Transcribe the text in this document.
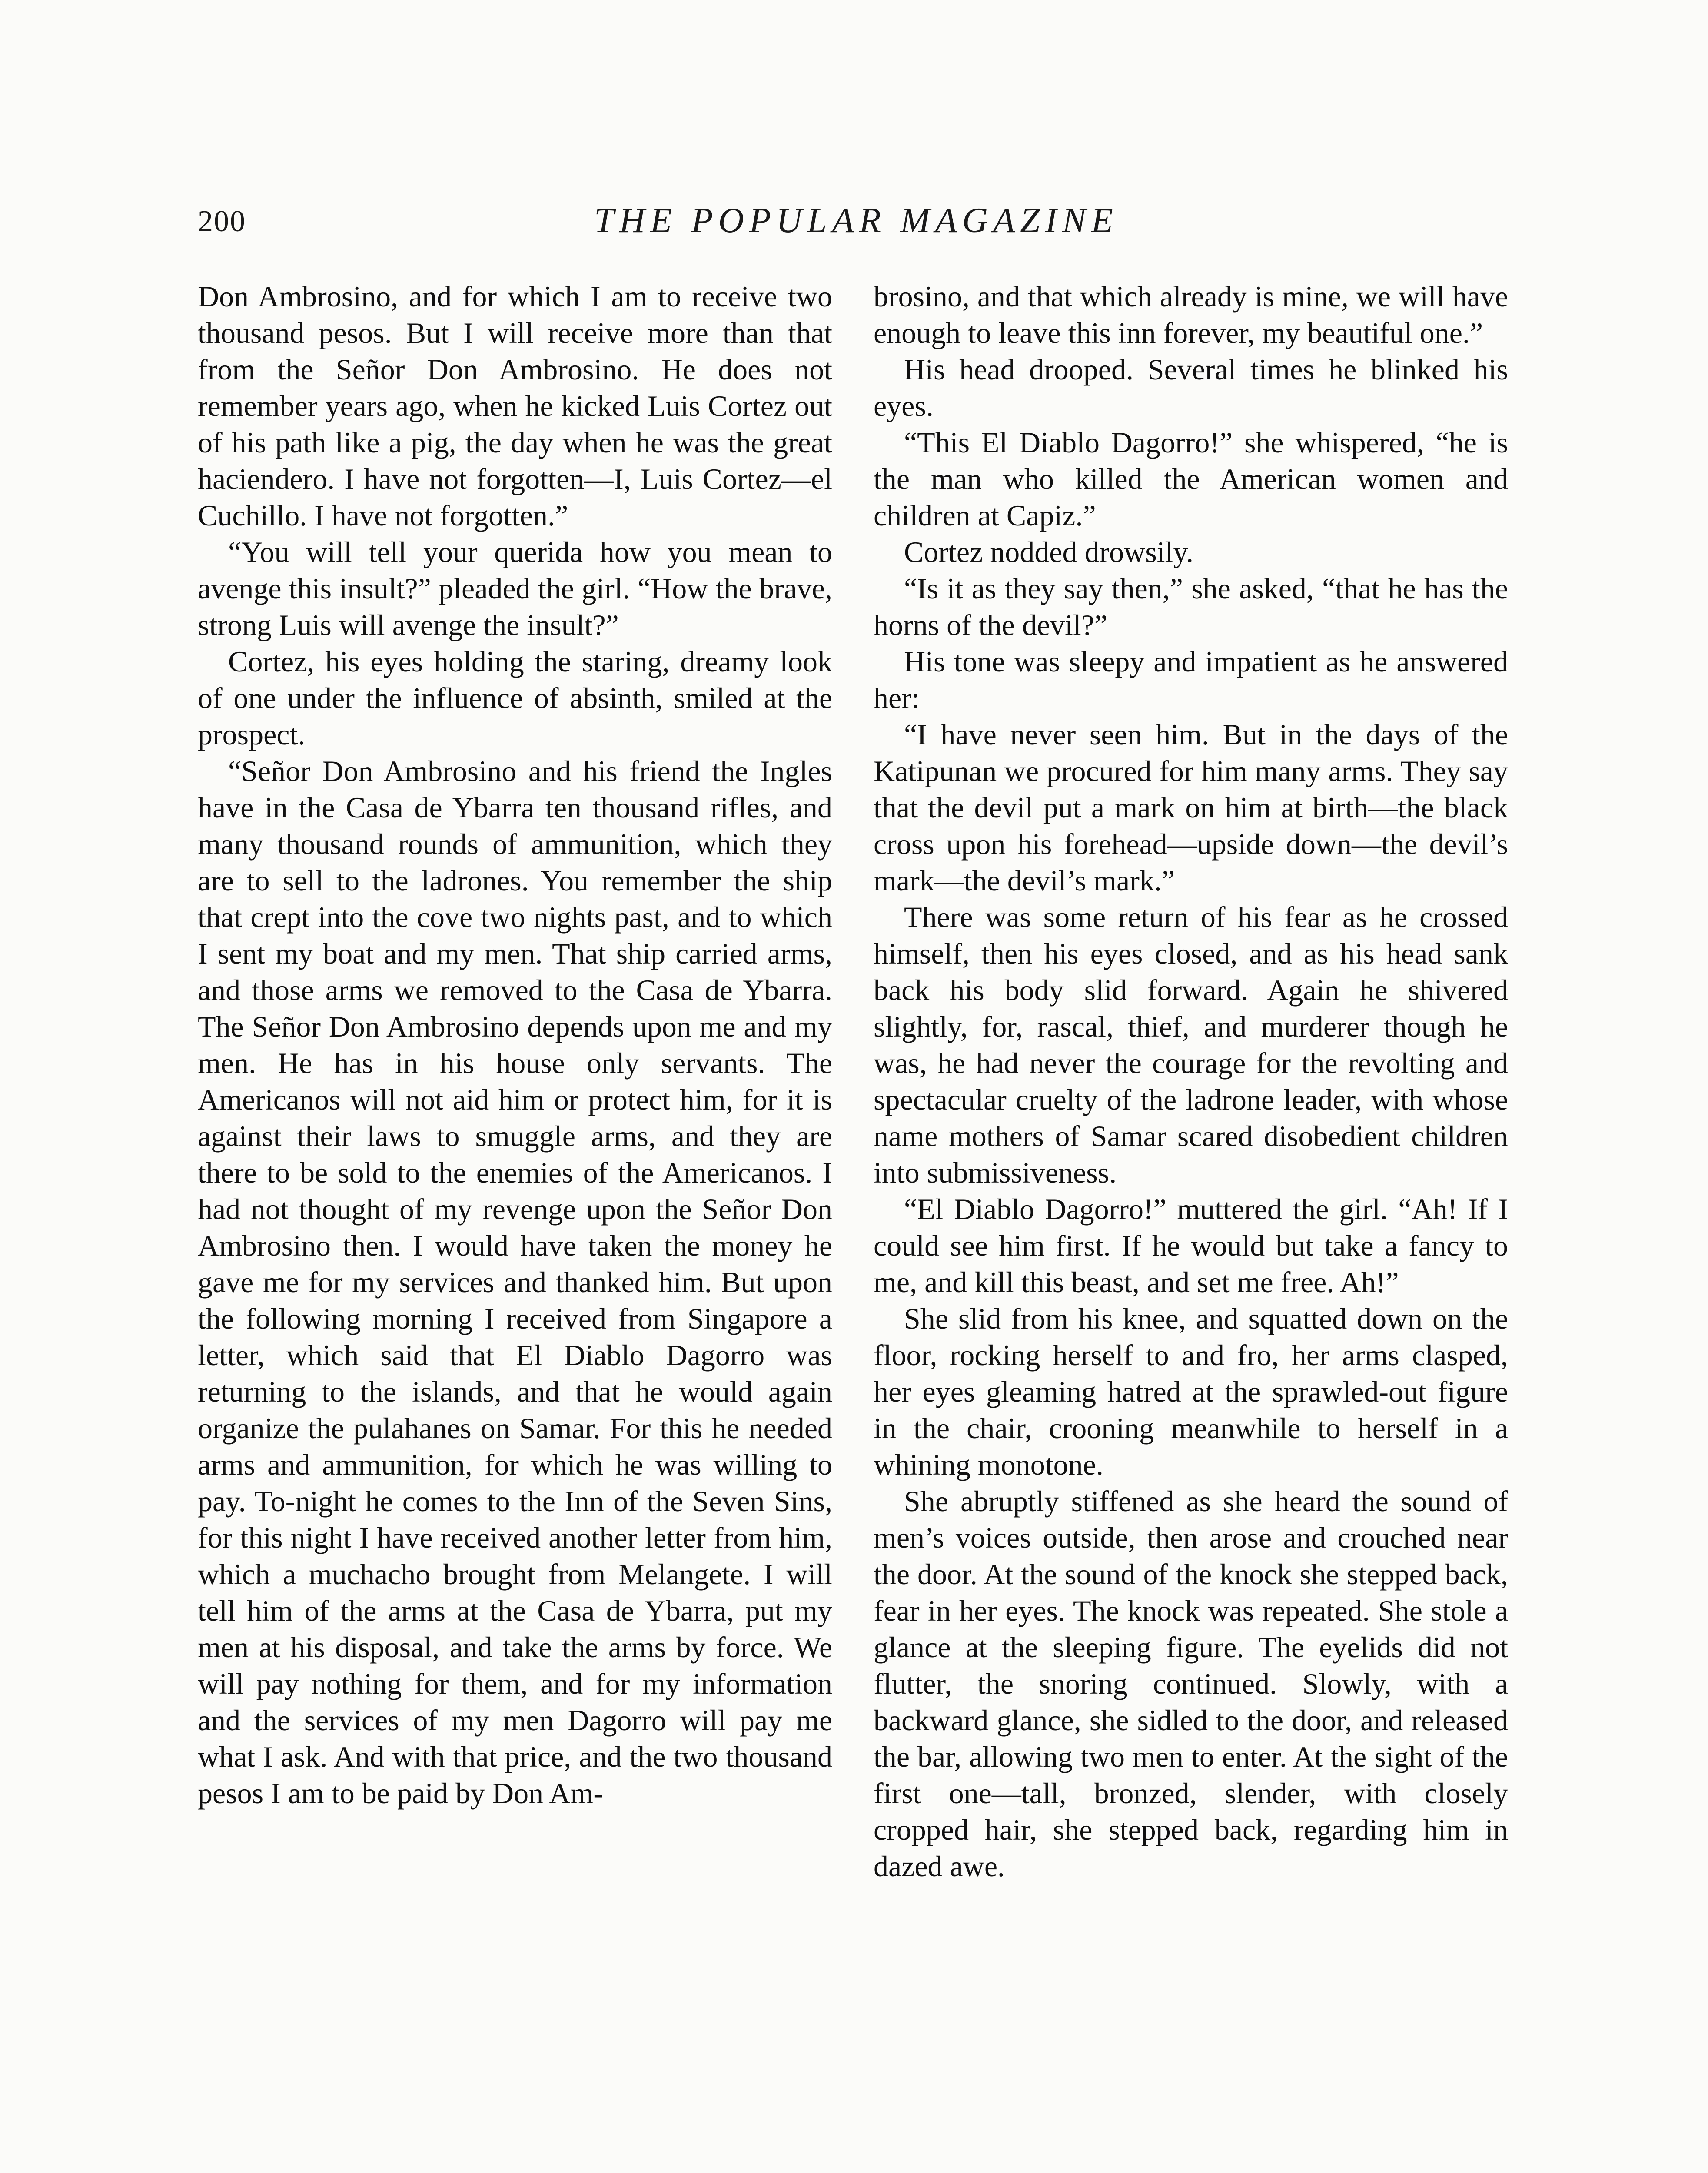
200	THE POPULAR MAGAZINE

Don Ambrosino, and for which I am to receive two thousand pesos. But I will receive more than that from the Señor Don Ambrosino. He does not remember years ago, when he kicked Luis Cortez out of his path like a pig, the day when he was the great haciendero. I have not forgotten—I, Luis Cortez—el Cuchillo. I have not forgotten.”

“You will tell your querida how you mean to avenge this insult?” pleaded the girl. “How the brave, strong Luis will avenge the insult?”

Cortez, his eyes holding the staring, dreamy look of one under the influence of absinth, smiled at the prospect.

“Señor Don Ambrosino and his friend the Ingles have in the Casa de Ybarra ten thousand rifles, and many thousand rounds of ammunition, which they are to sell to the ladrones. You remember the ship that crept into the cove two nights past, and to which I sent my boat and my men. That ship carried arms, and those arms we removed to the Casa de Ybarra. The Señor Don Ambrosino depends upon me and my men. He has in his house only servants. The Americanos will not aid him or protect him, for it is against their laws to smuggle arms, and they are there to be sold to the enemies of the Americanos. I had not thought of my revenge upon the Señor Don Ambrosino then. I would have taken the money he gave me for my services and thanked him. But upon the following morning I received from Singapore a letter, which said that El Diablo Dagorro was returning to the islands, and that he would again organize the pulahanes on Samar. For this he needed arms and ammunition, for which he was willing to pay. To-night he comes to the Inn of the Seven Sins, for this night I have received another letter from him, which a muchacho brought from Melangete. I will tell him of the arms at the Casa de Ybarra, put my men at his disposal, and take the arms by force. We will pay nothing for them, and for my information and the services of my men Dagorro will pay me what I ask. And with that price, and the two thousand pesos I am to be paid by Don Am-

brosino, and that which already is mine, we will have enough to leave this inn forever, my beautiful one.”

His head drooped. Several times he blinked his eyes.

“This El Diablo Dagorro!” she whispered, “he is the man who killed the American women and children at Capiz.”

Cortez nodded drowsily.

“Is it as they say then,” she asked, “that he has the horns of the devil?”

His tone was sleepy and impatient as he answered her:

“I have never seen him. But in the days of the Katipunan we procured for him many arms. They say that the devil put a mark on him at birth—the black cross upon his forehead—upside down—the devil’s mark—the devil’s mark.”

There was some return of his fear as he crossed himself, then his eyes closed, and as his head sank back his body slid forward. Again he shivered slightly, for, rascal, thief, and murderer though he was, he had never the courage for the revolting and spectacular cruelty of the ladrone leader, with whose name mothers of Samar scared disobedient children into submissiveness.

“El Diablo Dagorro!” muttered the girl. “Ah! If I could see him first. If he would but take a fancy to me, and kill this beast, and set me free. Ah!”

She slid from his knee, and squatted down on the floor, rocking herself to and fro, her arms clasped, her eyes gleaming hatred at the sprawled-out figure in the chair, crooning meanwhile to herself in a whining monotone.

She abruptly stiffened as she heard the sound of men’s voices outside, then arose and crouched near the door. At the sound of the knock she stepped back, fear in her eyes. The knock was repeated. She stole a glance at the sleeping figure. The eyelids did not flutter, the snoring continued. Slowly, with a backward glance, she sidled to the door, and released the bar, allowing two men to enter. At the sight of the first one—tall, bronzed, slender, with closely cropped hair, she stepped back, regarding him in dazed awe.
